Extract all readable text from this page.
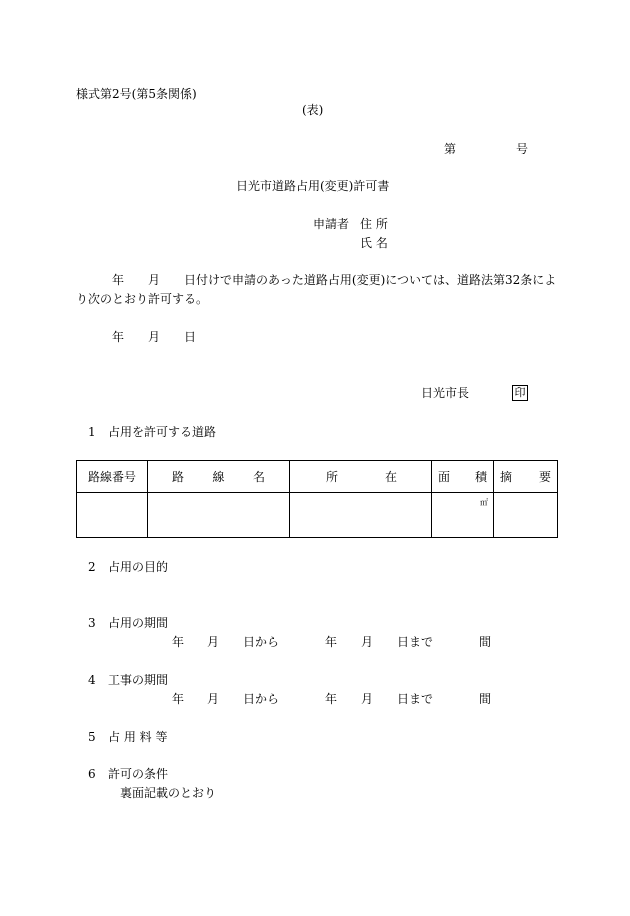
様式第2号(第5条関係)
(表)
第	号
日光市道路占用(変更)許可書
申請者 住 所
氏 名
年 月 日付けで申請のあった道路占用(変更)については、道路法第32条によ
り次のとおり許可する。
年 月 日
日光市長	印
1 占用を許可する道路
路線番号	路 線 名	所 在	面 積	摘 要

			㎡	

2 占用の目的
3 占用の期間
年 月 日から	年 月 日まで	間
4 工事の期間
年 月 日から	年 月 日まで	間
5 占 用 料 等
6 許可の条件
裏面記載のとおり
